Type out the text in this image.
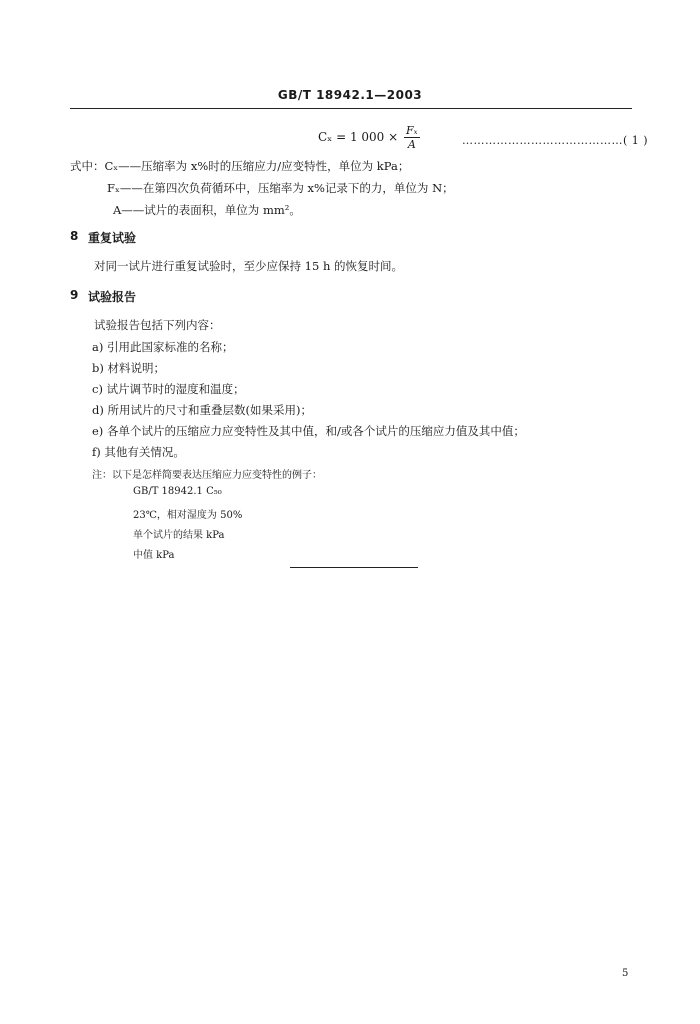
GB/T 18942.1—2003
Cₓ = 1 $000 \times \frac{\text{Fₓ}}{A}$	……………………………………( 1 )
式中：Cₓ——压缩率为 x%时的压缩应力/应变特性，单位为 kPa；
Fₓ——在第四次负荷循环中，压缩率为 x%记录下的力，单位为 N；
A——试片的表面积，单位为 mm²。
8 重复试验
对同一试片进行重复试验时，至少应保持 15 h 的恢复时间。
9 试验报告
试验报告包括下列内容：
a) 引用此国家标准的名称；
b) 材料说明；
c) 试片调节时的湿度和温度；
d) 所用试片的尺寸和重叠层数(如果采用)；
e) 各单个试片的压缩应力应变特性及其中值，和/或各个试片的压缩应力值及其中值；
f) 其他有关情况。
注：以下是怎样简要表达压缩应力应变特性的例子：
GB/T 18942.1 C₅₀
23℃，相对湿度为 50%
单个试片的结果 kPa
中值 kPa
5
